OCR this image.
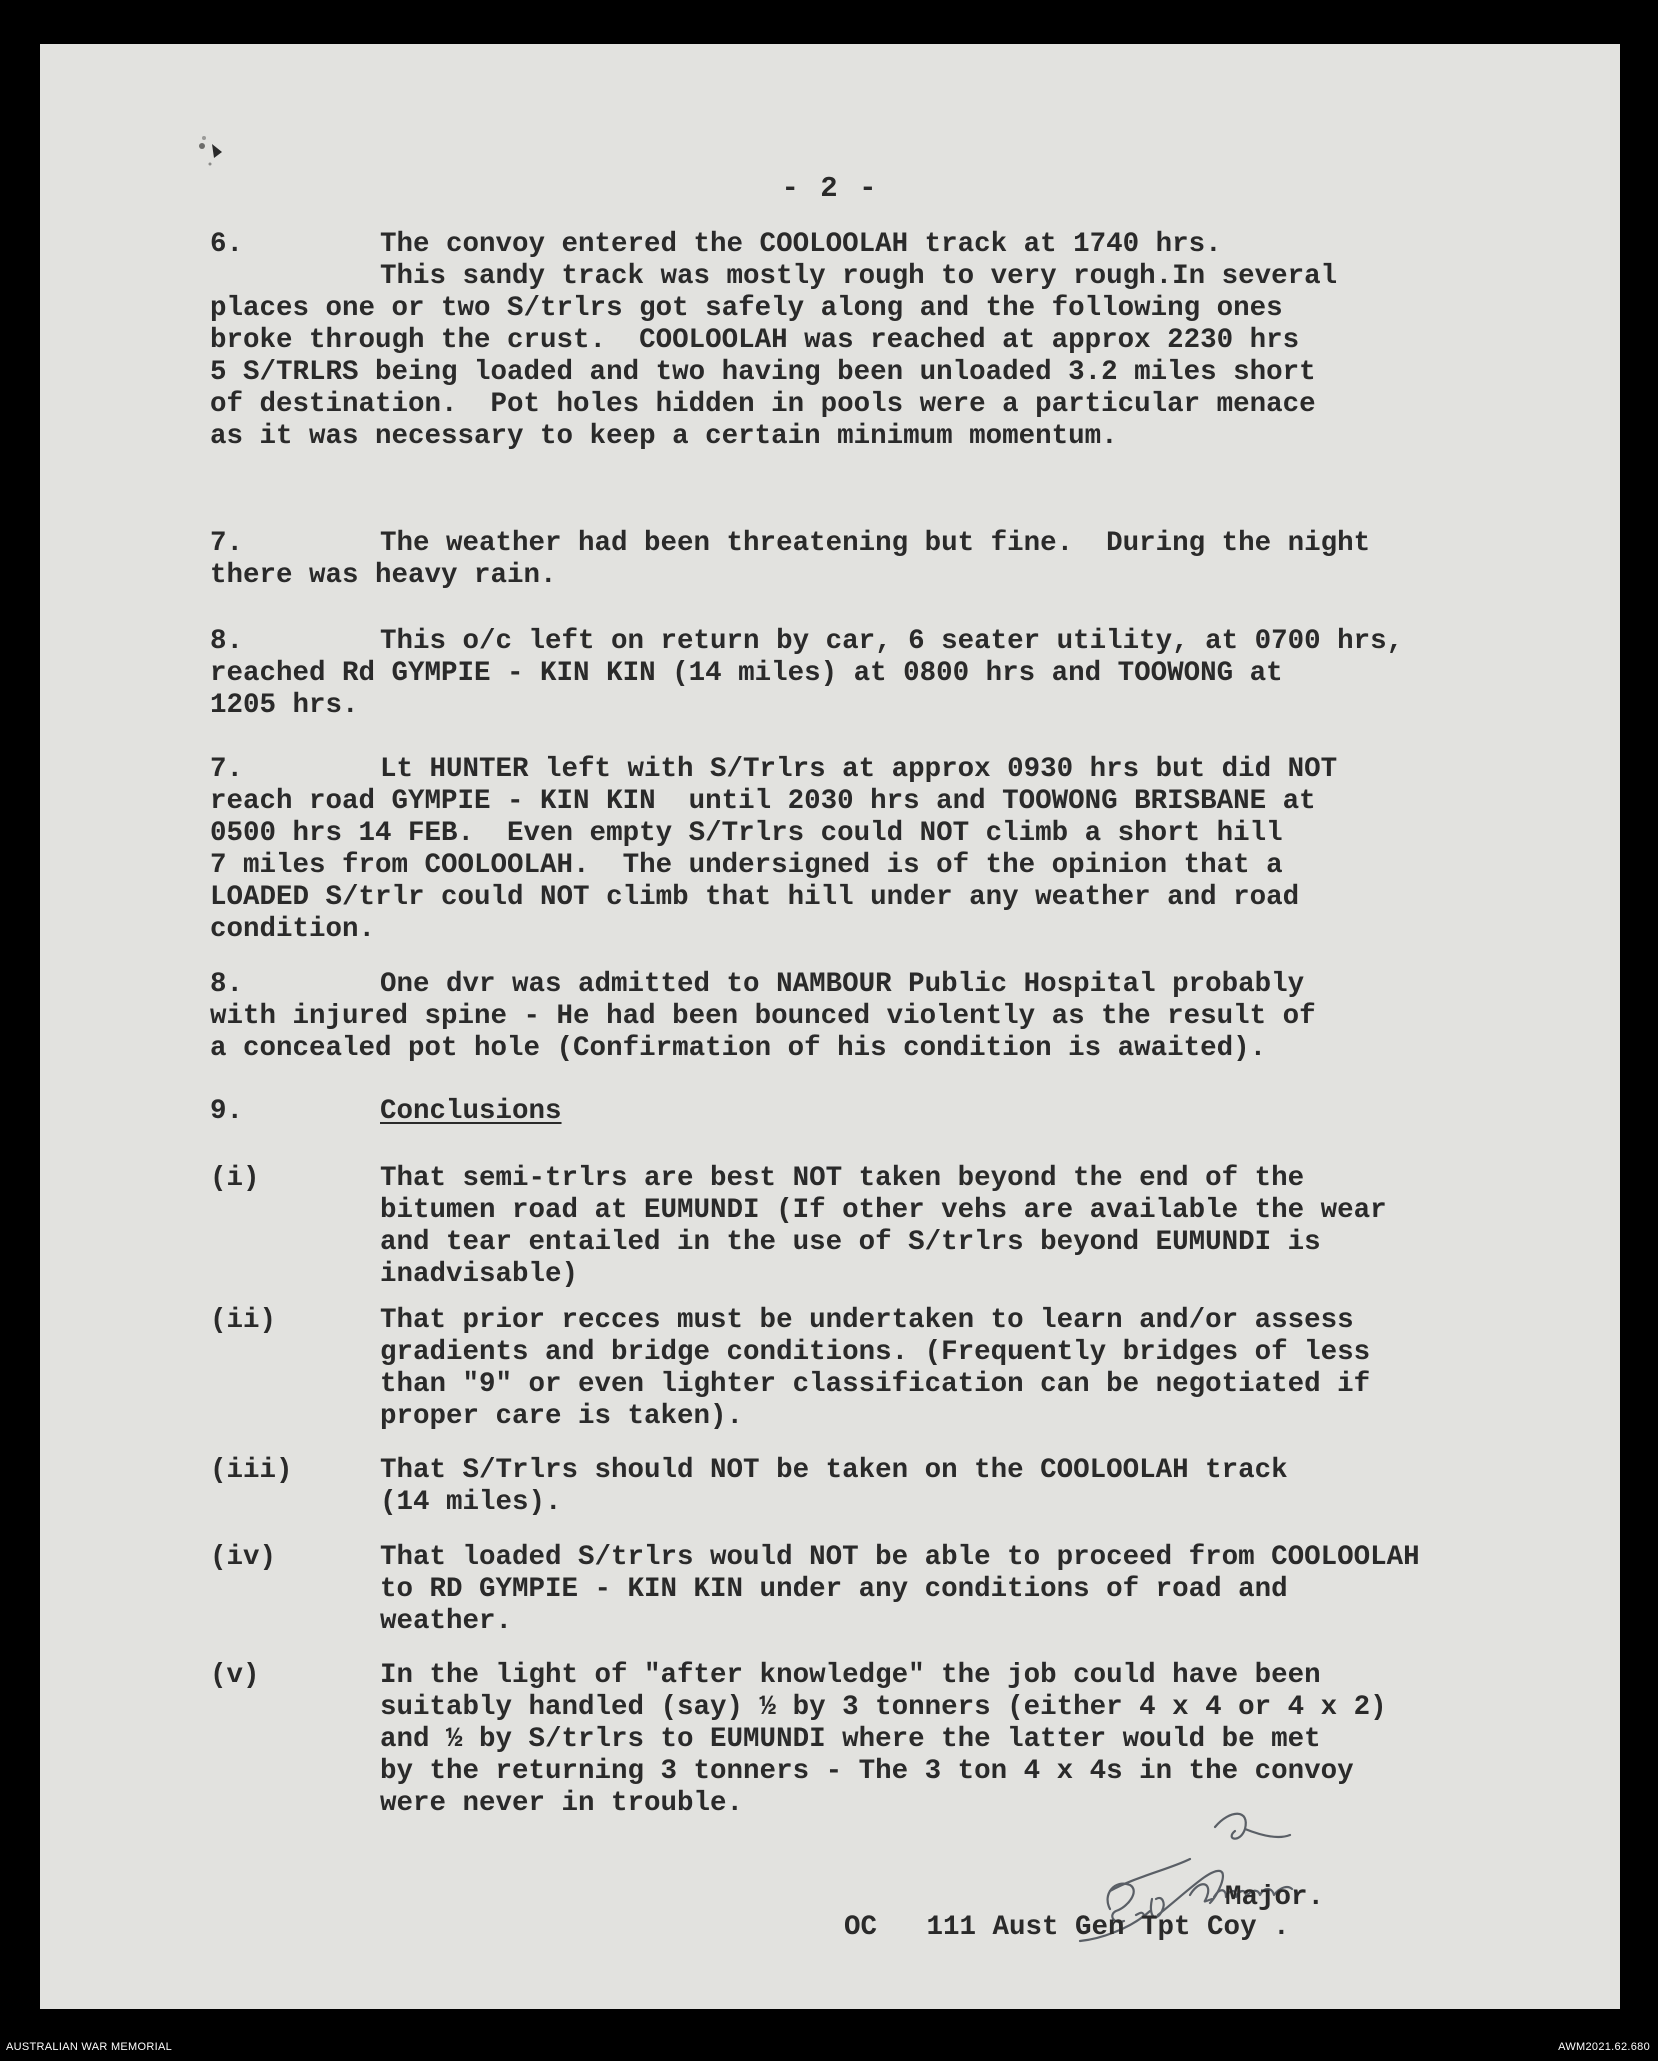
- 2 -
6.	The convoy entered the COOLOOLAH track at 1740 hrs.
This sandy track was mostly rough to very rough.In several
places one or two S/trlrs got safely along and the following ones
broke through the crust.  COOLOOLAH was reached at approx 2230 hrs
5 S/TRLRS being loaded and two having been unloaded 3.2 miles short
of destination.  Pot holes hidden in pools were a particular menace
as it was necessary to keep a certain minimum momentum.
7.	The weather had been threatening but fine.  During the night
there was heavy rain.
8.	This o/c left on return by car, 6 seater utility, at 0700 hrs,
reached Rd GYMPIE - KIN KIN (14 miles) at 0800 hrs and TOOWONG at
1205 hrs.
7.	Lt HUNTER left with S/Trlrs at approx 0930 hrs but did NOT
reach road GYMPIE - KIN KIN  until 2030 hrs and TOOWONG BRISBANE at
0500 hrs 14 FEB.  Even empty S/Trlrs could NOT climb a short hill
7 miles from COOLOOLAH.  The undersigned is of the opinion that a
LOADED S/trlr could NOT climb that hill under any weather and road
condition.
8.	One dvr was admitted to NAMBOUR Public Hospital probably
with injured spine - He had been bounced violently as the result of
a concealed pot hole (Confirmation of his condition is awaited).
9.	Conclusions
(i)	That semi-trlrs are best NOT taken beyond the end of the
bitumen road at EUMUNDI (If other vehs are available the wear
and tear entailed in the use of S/trlrs beyond EUMUNDI is
inadvisable)
(ii)	That prior recces must be undertaken to learn and/or assess
gradients and bridge conditions. (Frequently bridges of less
than "9" or even lighter classification can be negotiated if
proper care is taken).
(iii)	That S/Trlrs should NOT be taken on the COOLOOLAH track
(14 miles).
(iv)	That loaded S/trlrs would NOT be able to proceed from COOLOOLAH
to RD GYMPIE - KIN KIN under any conditions of road and
weather.
(v)	In the light of "after knowledge" the job could have been
suitably handled (say) ½ by 3 tonners (either 4 x 4 or 4 x 2)
and ½ by S/trlrs to EUMUNDI where the latter would be met
by the returning 3 tonners - The 3 ton 4 x 4s in the convoy
were never in trouble.
Major.
OC   111 Aust Gen Tpt Coy .
AUSTRALIAN WAR MEMORIAL	AWM2021.62.680
